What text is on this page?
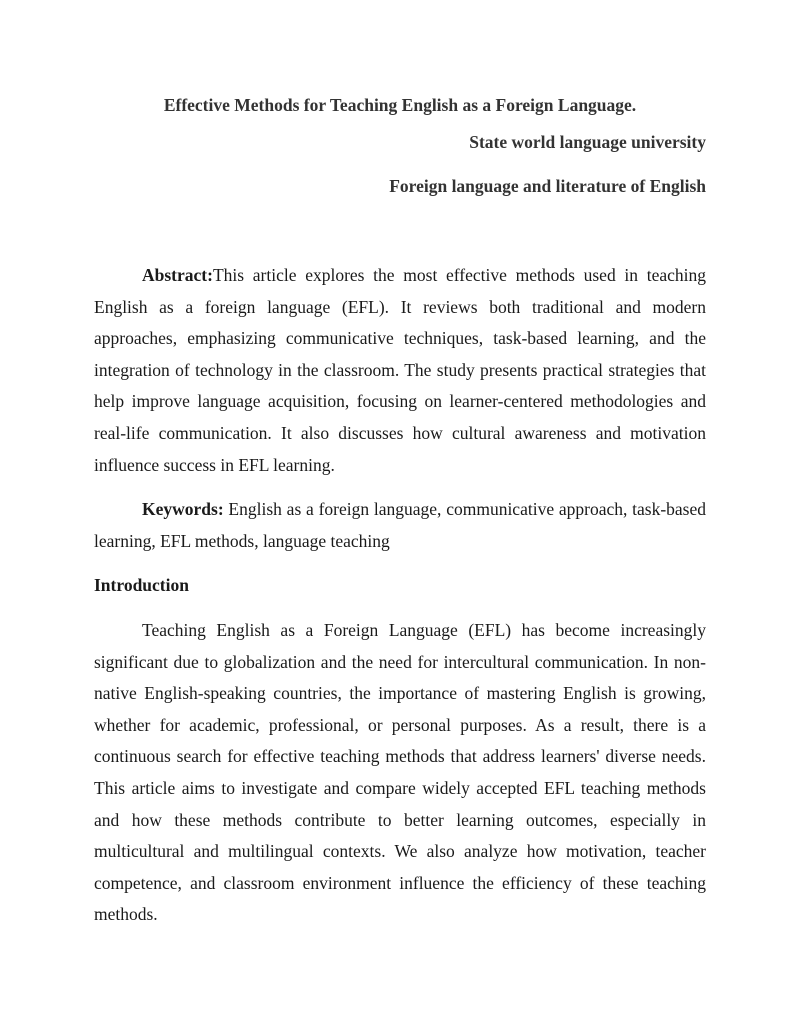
Effective Methods for Teaching English as a Foreign Language.
State world language university
Foreign language and literature of English

Abstract:This article explores the most effective methods used in teaching English as a foreign language (EFL). It reviews both traditional and modern approaches, emphasizing communicative techniques, task-based learning, and the integration of technology in the classroom. The study presents practical strategies that help improve language acquisition, focusing on learner-centered methodologies and real-life communication. It also discusses how cultural awareness and motivation influence success in EFL learning.

Keywords: English as a foreign language, communicative approach, task-based learning, EFL methods, language teaching

Introduction

Teaching English as a Foreign Language (EFL) has become increasingly significant due to globalization and the need for intercultural communication. In non-native English-speaking countries, the importance of mastering English is growing, whether for academic, professional, or personal purposes. As a result, there is a continuous search for effective teaching methods that address learners' diverse needs. This article aims to investigate and compare widely accepted EFL teaching methods and how these methods contribute to better learning outcomes, especially in multicultural and multilingual contexts. We also analyze how motivation, teacher competence, and classroom environment influence the efficiency of these teaching methods.
